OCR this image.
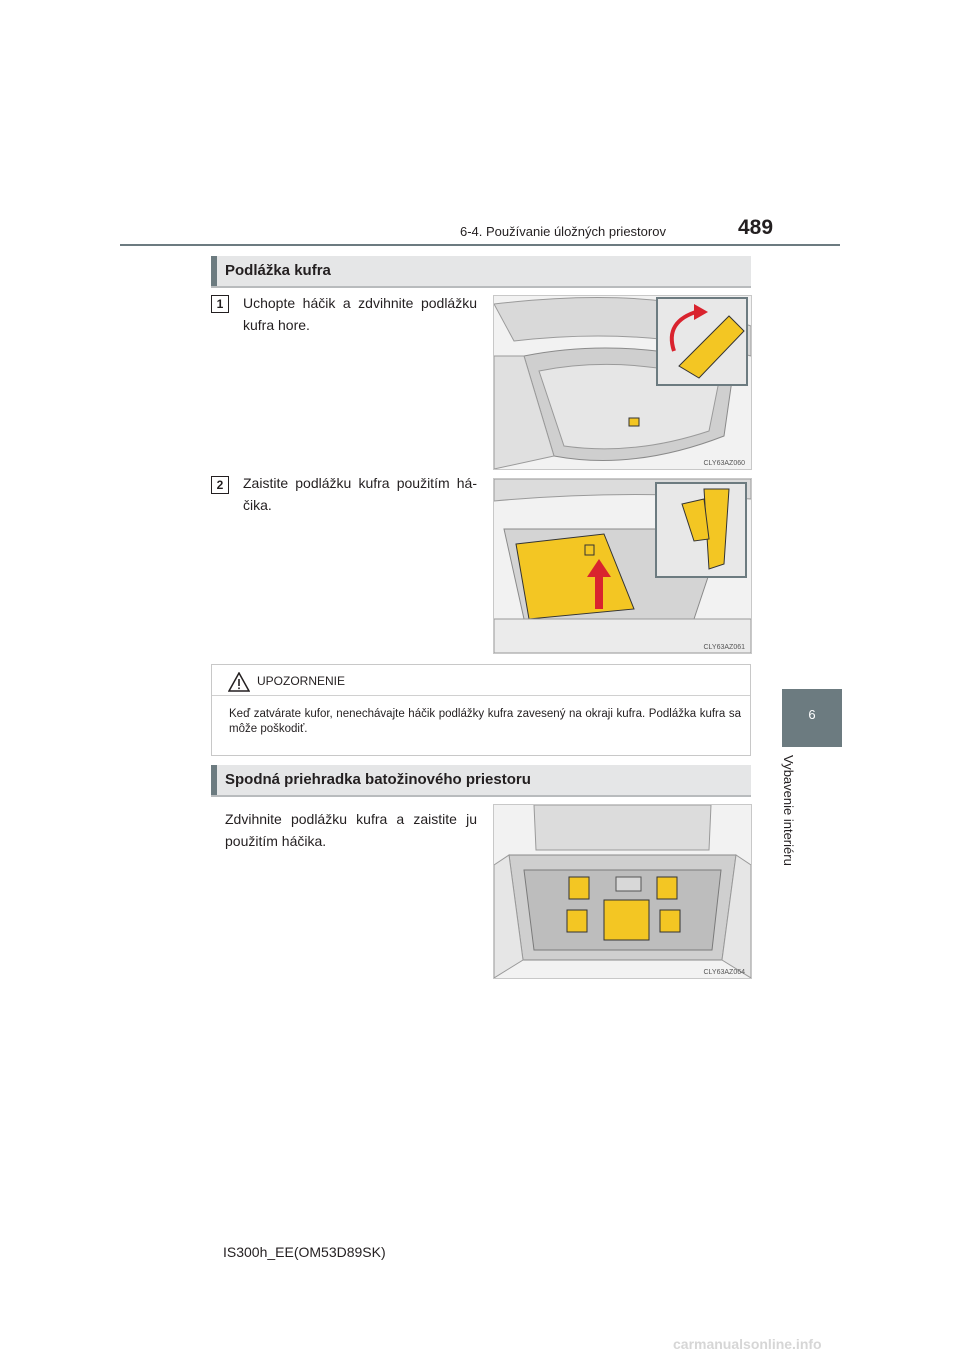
6-4. Používanie úložných priestorov	489
6
Vybavenie interiéru
Podlážka kufra
1	Uchopte háčik a zdvihnite podlážku kufra hore.
CLY63AZ060
2	Zaistite podlážku kufra použitím há-čika.
CLY63AZ061
UPOZORNENIE
Keď zatvárate kufor, nenechávajte háčik podlážky kufra zavesený na okraji kufra. Podlážka kufra sa môže poškodiť.
Spodná priehradka batožinového priestoru
Zdvihnite podlážku kufra a zaistite ju použitím háčika.
CLY63AZ064
IS300h_EE(OM53D89SK)
carmanualsonline.info
